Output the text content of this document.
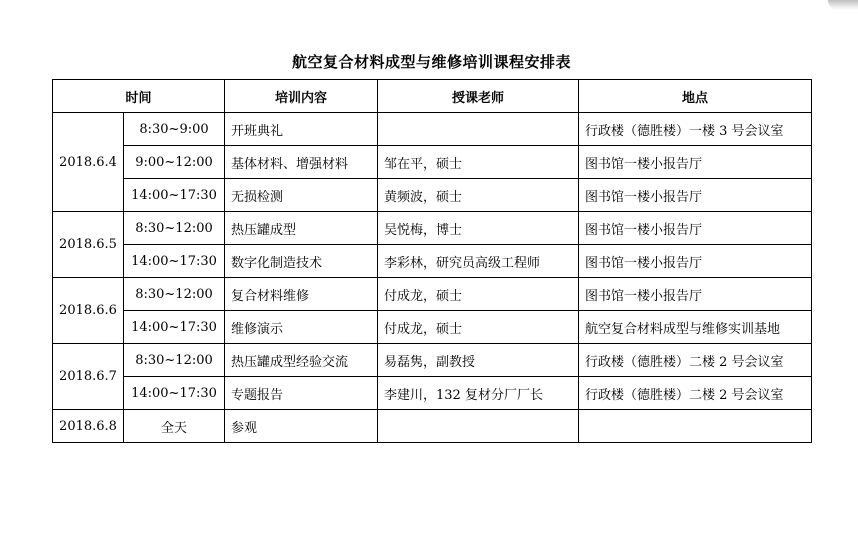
航空复合材料成型与维修培训课程安排表
时间		培训内容	授课老师	地点
2018.6.4	8:30~9:00	开班典礼		行政楼（德胜楼）一楼 3 号会议室
	9:00~12:00	基体材料、增强材料	邹在平，硕士	图书馆一楼小报告厅
	14:00~17:30	无损检测	黄频波，硕士	图书馆一楼小报告厅
2018.6.5	8:30~12:00	热压罐成型	吴悦梅，博士	图书馆一楼小报告厅
	14:00~17:30	数字化制造技术	李彩林，研究员高级工程师	图书馆一楼小报告厅
2018.6.6	8:30~12:00	复合材料维修	付成龙，硕士	图书馆一楼小报告厅
	14:00~17:30	维修演示	付成龙，硕士	航空复合材料成型与维修实训基地
2018.6.7	8:30~12:00	热压罐成型经验交流	易磊隽，副教授	行政楼（德胜楼）二楼 2 号会议室
	14:00~17:30	专题报告	李建川，132 复材分厂厂长	行政楼（德胜楼）二楼 2 号会议室
2018.6.8	全天	参观		
